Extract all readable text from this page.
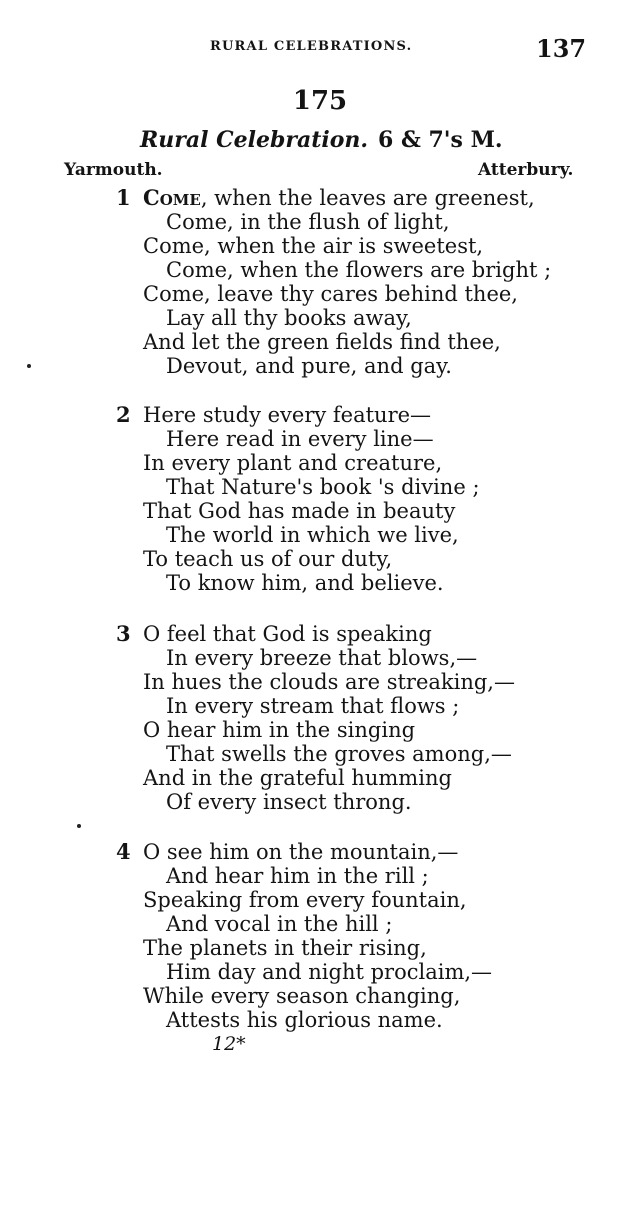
RURAL CELEBRATIONS.	137
175
Rural Celebration. 6 & 7's M.
Yarmouth.	Atterbury.
1 Come, when the leaves are greenest,
Come, in the flush of light,
Come, when the air is sweetest,
Come, when the flowers are bright ;
Come, leave thy cares behind thee,
Lay all thy books away,
And let the green fields find thee,
Devout, and pure, and gay.
2 Here study every feature—
Here read in every line—
In every plant and creature,
That Nature's book 's divine ;
That God has made in beauty
The world in which we live,
To teach us of our duty,
To know him, and believe.
3 O feel that God is speaking
In every breeze that blows,—
In hues the clouds are streaking,—
In every stream that flows ;
O hear him in the singing
That swells the groves among,—
And in the grateful humming
Of every insect throng.
4 O see him on the mountain,—
And hear him in the rill ;
Speaking from every fountain,
And vocal in the hill ;
The planets in their rising,
Him day and night proclaim,—
While every season changing,
Attests his glorious name.
12*
